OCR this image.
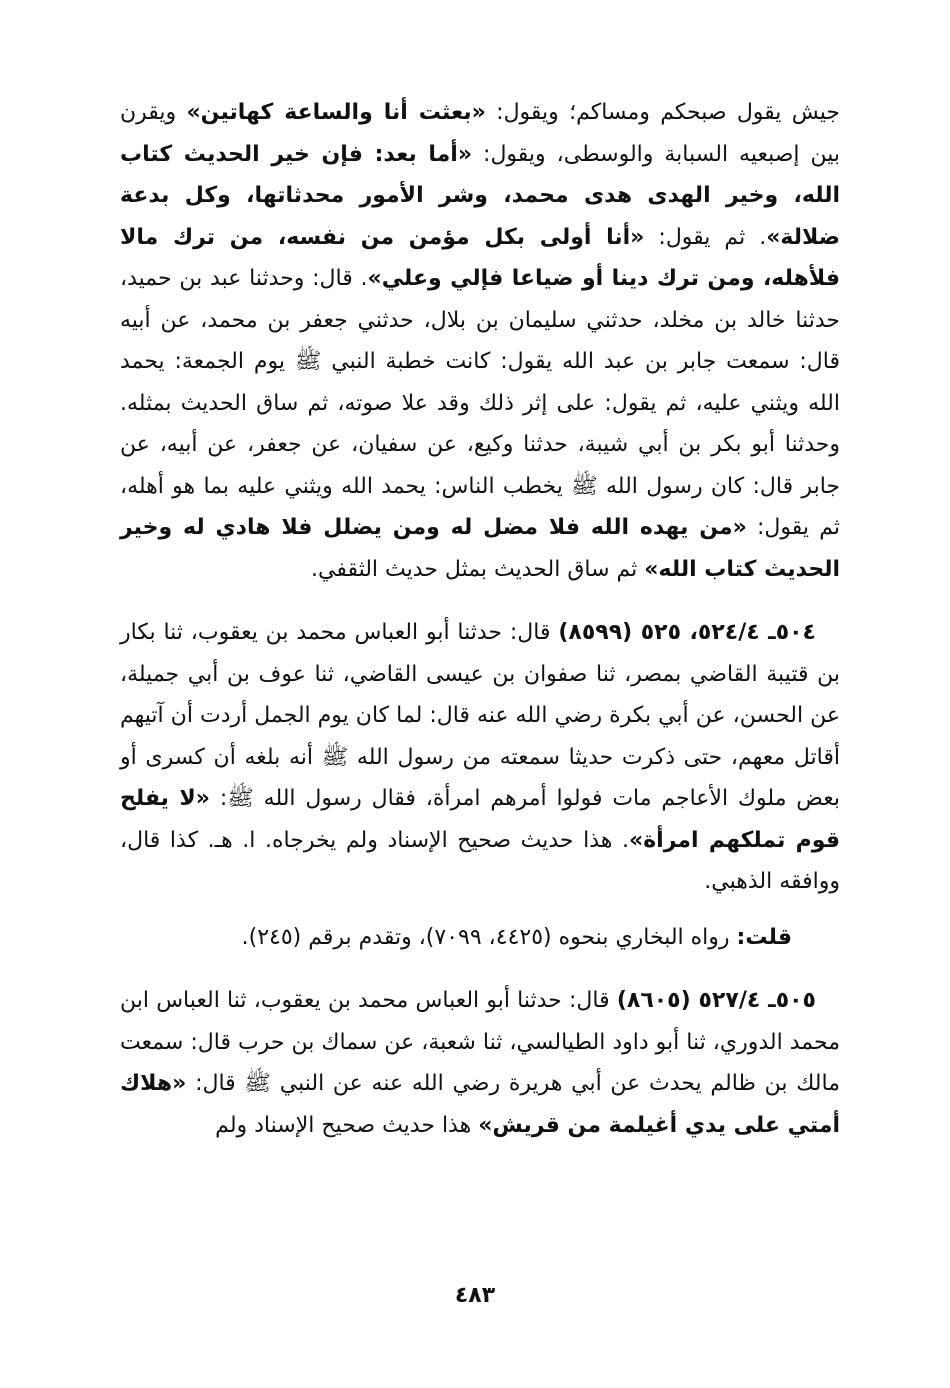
جيش يقول صبحكم ومساكم؛ ويقول: «بعثت أنا والساعة كهاتين» ويقرن بين إصبعيه السبابة والوسطى، ويقول: «أما بعد: فإن خير الحديث كتاب الله، وخير الهدى هدى محمد، وشر الأمور محدثاتها، وكل بدعة ضلالة». ثم يقول: «أنا أولى بكل مؤمن من نفسه، من ترك مالا فلأهله، ومن ترك دينا أو ضياعا فإلي وعلي». قال: وحدثنا عبد بن حميد، حدثنا خالد بن مخلد، حدثني سليمان بن بلال، حدثني جعفر بن محمد، عن أبيه قال: سمعت جابر بن عبد الله يقول: كانت خطبة النبي ﷺ يوم الجمعة: يحمد الله ويثني عليه، ثم يقول: على إثر ذلك وقد علا صوته، ثم ساق الحديث بمثله. وحدثنا أبو بكر بن أبي شيبة، حدثنا وكيع، عن سفيان، عن جعفر، عن أبيه، عن جابر قال: كان رسول الله ﷺ يخطب الناس: يحمد الله ويثني عليه بما هو أهله، ثم يقول: «من يهده الله فلا مضل له ومن يضلل فلا هادي له وخير الحديث كتاب الله» ثم ساق الحديث بمثل حديث الثقفي.

٥٠٤ـ ٥٢٤/٤، ٥٢٥ (٨٥٩٩) قال: حدثنا أبو العباس محمد بن يعقوب، ثنا بكار بن قتيبة القاضي بمصر، ثنا صفوان بن عيسى القاضي، ثنا عوف بن أبي جميلة، عن الحسن، عن أبي بكرة رضي الله عنه قال: لما كان يوم الجمل أردت أن آتيهم أقاتل معهم، حتى ذكرت حديثا سمعته من رسول الله ﷺ أنه بلغه أن كسرى أو بعض ملوك الأعاجم مات فولوا أمرهم امرأة، فقال رسول الله ﷺ: «لا يفلح قوم تملكهم امرأة». هذا حديث صحيح الإسناد ولم يخرجاه. ا. هـ. كذا قال، ووافقه الذهبي.

قلت: رواه البخاري بنحوه (٤٤٢٥، ٧٠٩٩)، وتقدم برقم (٢٤٥).

٥٠٥ـ ٥٢٧/٤ (٨٦٠٥) قال: حدثنا أبو العباس محمد بن يعقوب، ثنا العباس ابن محمد الدوري، ثنا أبو داود الطيالسي، ثنا شعبة، عن سماك بن حرب قال: سمعت مالك بن ظالم يحدث عن أبي هريرة رضي الله عنه عن النبي ﷺ قال: «هلاك أمتي على يدي أغيلمة من قريش» هذا حديث صحيح الإسناد ولم

٤٨٣
